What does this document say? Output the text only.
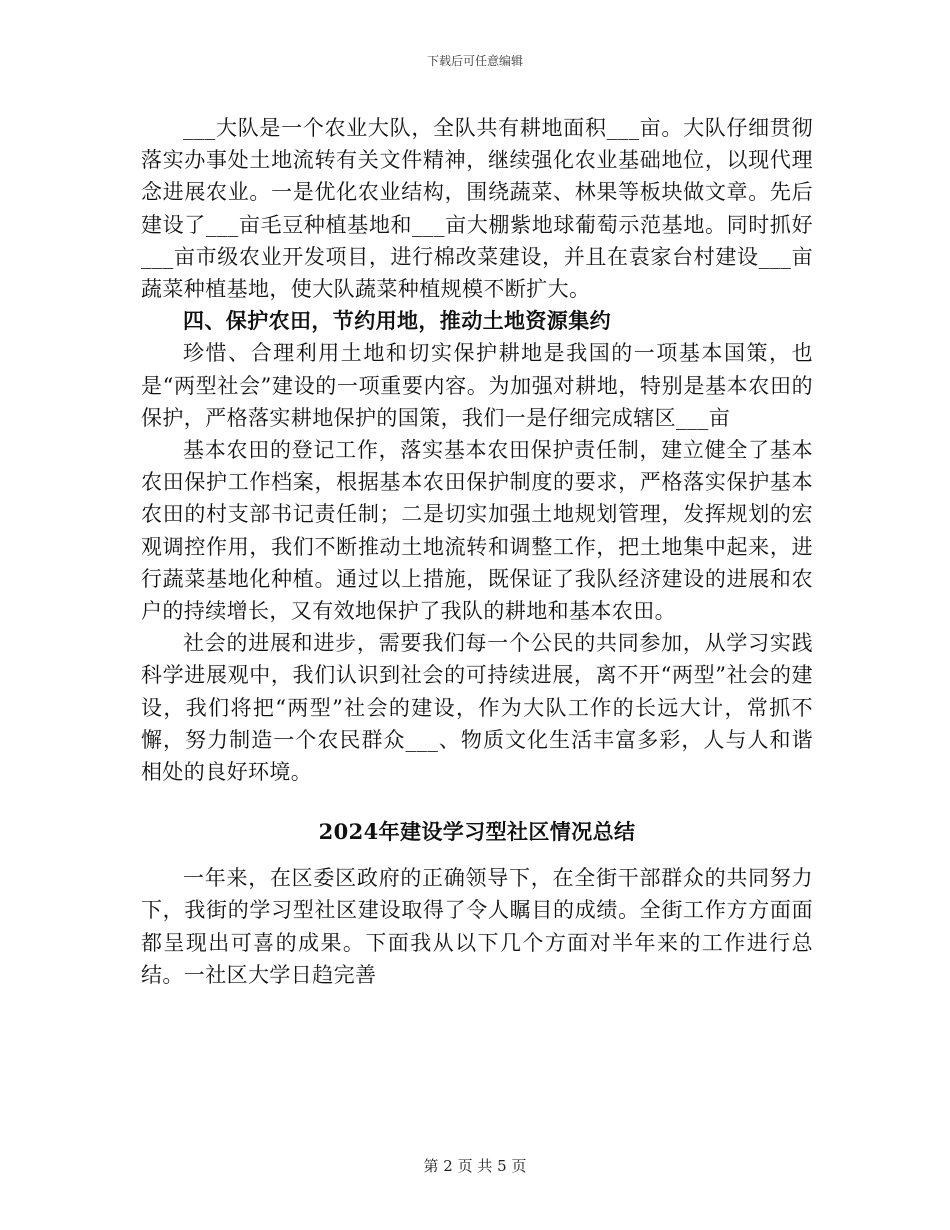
下载后可任意编辑

___大队是一个农业大队，全队共有耕地面积___亩。大队仔细贯彻落实办事处土地流转有关文件精神，继续强化农业基础地位，以现代理念进展农业。一是优化农业结构，围绕蔬菜、林果等板块做文章。先后建设了___亩毛豆种植基地和___亩大棚紫地球葡萄示范基地。同时抓好___亩市级农业开发项目，进行棉改菜建设，并且在袁家台村建设___亩蔬菜种植基地，使大队蔬菜种植规模不断扩大。

四、保护农田，节约用地，推动土地资源集约

珍惜、合理利用土地和切实保护耕地是我国的一项基本国策，也是“两型社会”建设的一项重要内容。为加强对耕地，特别是基本农田的保护，严格落实耕地保护的国策，我们一是仔细完成辖区___亩

基本农田的登记工作，落实基本农田保护责任制，建立健全了基本农田保护工作档案，根据基本农田保护制度的要求，严格落实保护基本农田的村支部书记责任制；二是切实加强土地规划管理，发挥规划的宏观调控作用，我们不断推动土地流转和调整工作，把土地集中起来，进行蔬菜基地化种植。通过以上措施，既保证了我队经济建设的进展和农户的持续增长，又有效地保护了我队的耕地和基本农田。

社会的进展和进步，需要我们每一个公民的共同参加，从学习实践科学进展观中，我们认识到社会的可持续进展，离不开“两型”社会的建设，我们将把“两型”社会的建设，作为大队工作的长远大计，常抓不懈，努力制造一个农民群众___、物质文化生活丰富多彩，人与人和谐相处的良好环境。

2024年建设学习型社区情况总结

一年来，在区委区政府的正确领导下，在全街干部群众的共同努力下，我街的学习型社区建设取得了令人瞩目的成绩。全街工作方方面面都呈现出可喜的成果。下面我从以下几个方面对半年来的工作进行总结。一社区大学日趋完善

第 2 页 共 5 页
